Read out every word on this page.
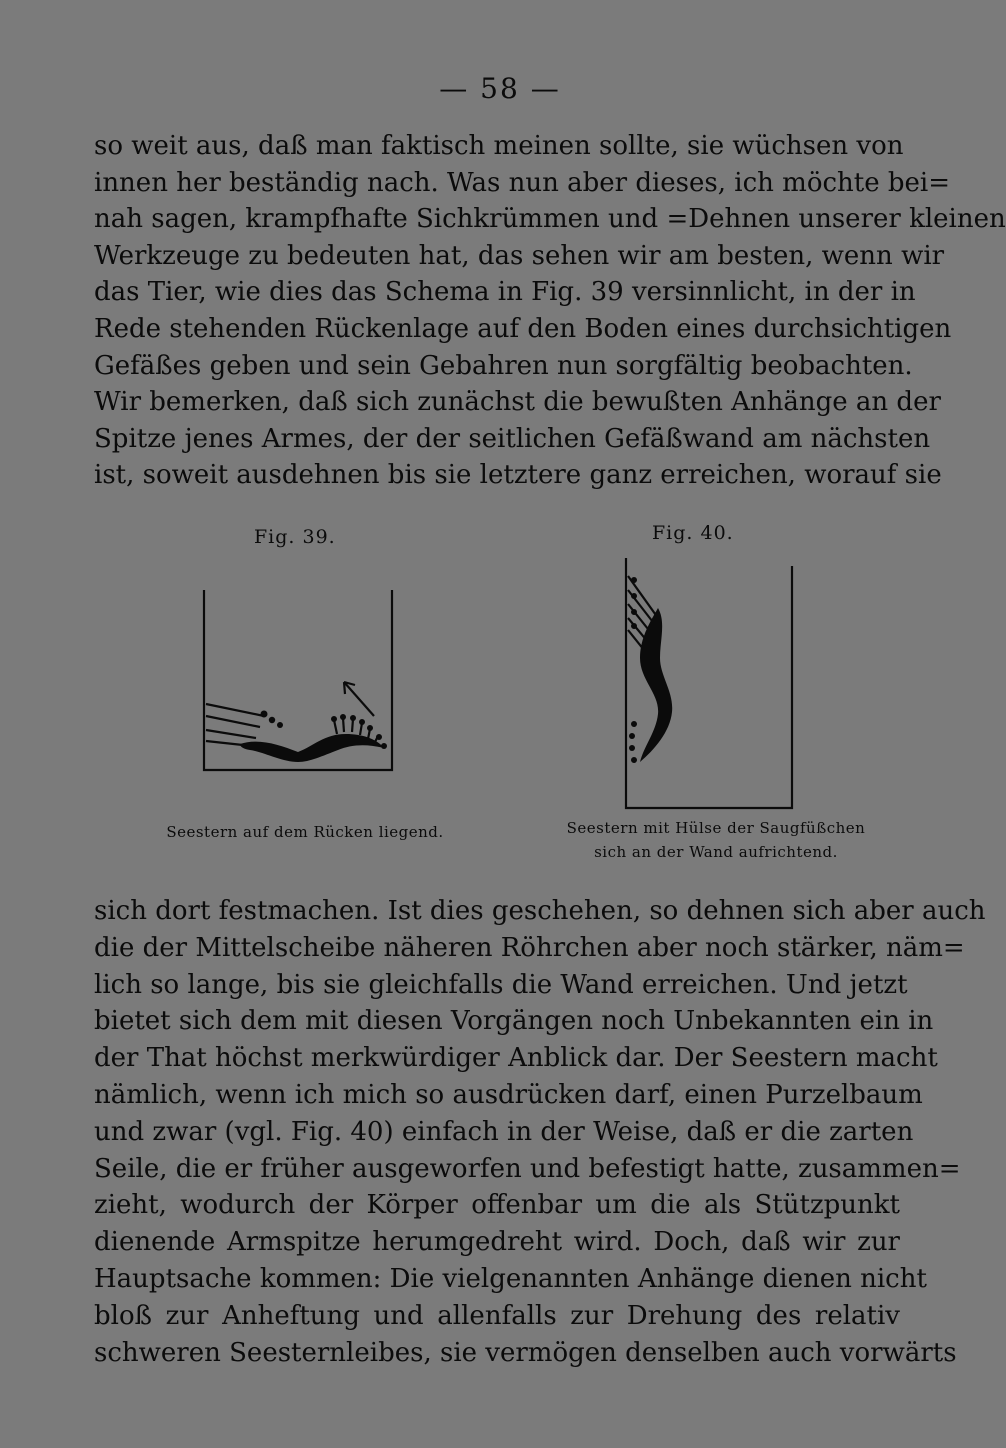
— 58 —
so weit aus, daß man faktisch meinen sollte, sie wüchsen von
innen her beständig nach. Was nun aber dieses, ich möchte bei=
nah sagen, krampfhafte Sichkrümmen und =Dehnen unserer kleinen
Werkzeuge zu bedeuten hat, das sehen wir am besten, wenn wir
das Tier, wie dies das Schema in Fig. 39 versinnlicht, in der in
Rede stehenden Rückenlage auf den Boden eines durchsichtigen
Gefäßes geben und sein Gebahren nun sorgfältig beobachten.
Wir bemerken, daß sich zunächst die bewußten Anhänge an der
Spitze jenes Armes, der der seitlichen Gefäßwand am nächsten
ist, soweit ausdehnen bis sie letztere ganz erreichen, worauf sie
Fig. 39.
Seestern auf dem Rücken liegend.
Fig. 40.
Seestern mit Hülse der Saugfüßchen
sich an der Wand aufrichtend.
sich dort festmachen. Ist dies geschehen, so dehnen sich aber auch
die der Mittelscheibe näheren Röhrchen aber noch stärker, näm=
lich so lange, bis sie gleichfalls die Wand erreichen. Und jetzt
bietet sich dem mit diesen Vorgängen noch Unbekannten ein in
der That höchst merkwürdiger Anblick dar. Der Seestern macht
nämlich, wenn ich mich so ausdrücken darf, einen Purzelbaum
und zwar (vgl. Fig. 40) einfach in der Weise, daß er die zarten
Seile, die er früher ausgeworfen und befestigt hatte, zusammen=
zieht, wodurch der Körper offenbar um die als Stützpunkt
dienende Armspitze herumgedreht wird. Doch, daß wir zur
Hauptsache kommen: Die vielgenannten Anhänge dienen nicht
bloß zur Anheftung und allenfalls zur Drehung des relativ
schweren Seesternleibes, sie vermögen denselben auch vorwärts
